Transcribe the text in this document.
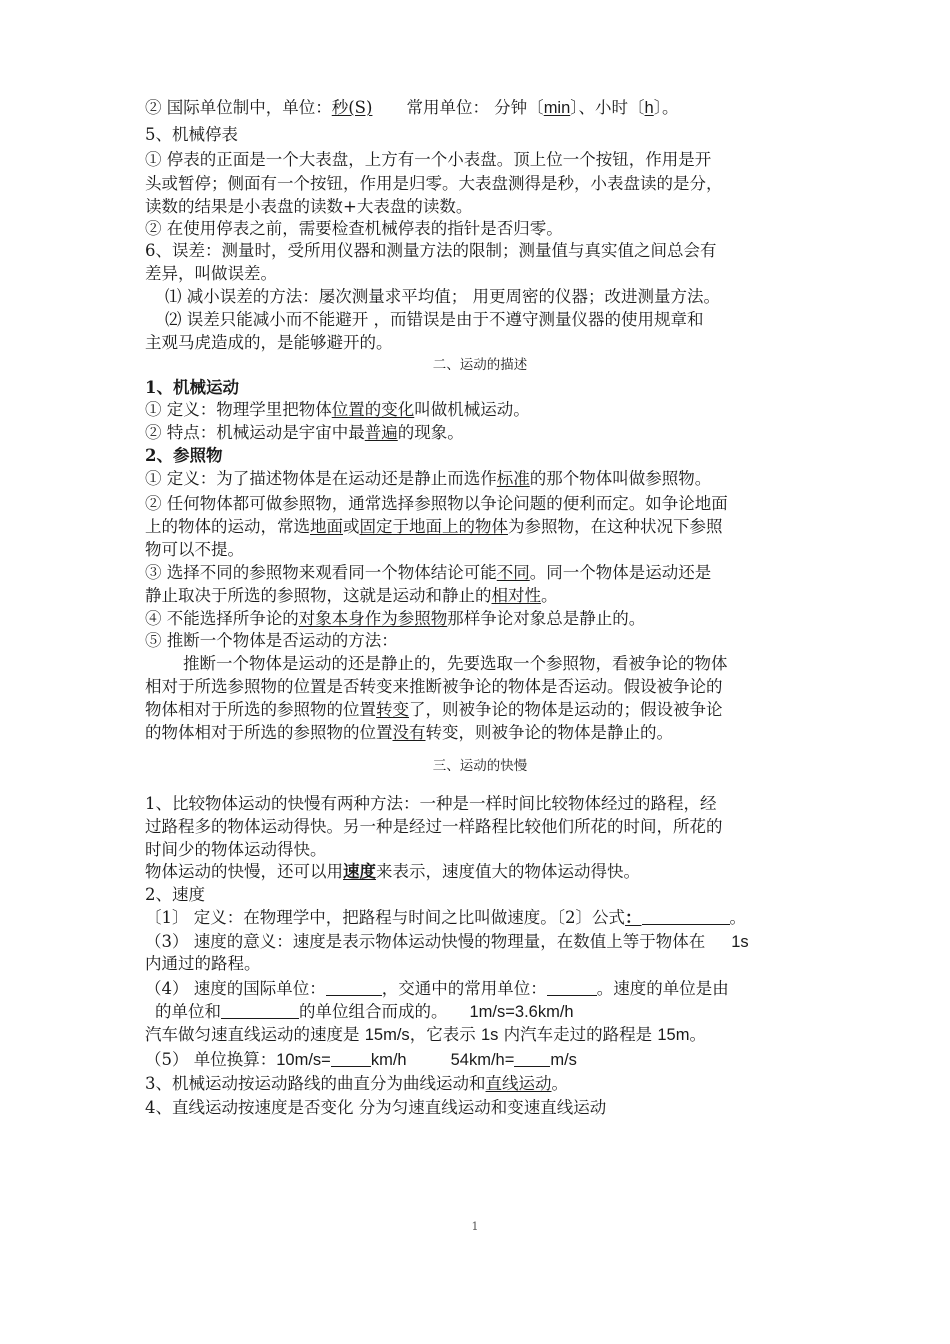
② 国际单位制中，单位：秒(S) 常用单位： 分钟〔min〕、小时〔h〕。
5、机械停表
① 停表的正面是一个大表盘，上方有一个小表盘。顶上位一个按钮，作用是开
头或暂停；侧面有一个按钮，作用是归零。大表盘测得是秒，小表盘读的是分，
读数的结果是小表盘的读数+大表盘的读数。
② 在使用停表之前，需要检查机械停表的指针是否归零。
6、误差：测量时，受所用仪器和测量方法的限制；测量值与真实值之间总会有
差异，叫做误差。
⑴ 减小误差的方法：屡次测量求平均值； 用更周密的仪器；改进测量方法。
⑵ 误差只能减小而不能避开 ，而错误是由于不遵守测量仪器的使用规章和
主观马虎造成的，是能够避开的。
二、运动的描述
1、机械运动
① 定义：物理学里把物体位置的变化叫做机械运动。
② 特点：机械运动是宇宙中最普遍的现象。
2、参照物
① 定义：为了描述物体是在运动还是静止而选作标准的那个物体叫做参照物。
② 任何物体都可做参照物，通常选择参照物以争论问题的便利而定。如争论地面
上的物体的运动，常选地面或固定于地面上的物体为参照物，在这种状况下参照
物可以不提。
③ 选择不同的参照物来观看同一个物体结论可能不同。同一个物体是运动还是
静止取决于所选的参照物，这就是运动和静止的相对性。
④ 不能选择所争论的对象本身作为参照物那样争论对象总是静止的。
⑤ 推断一个物体是否运动的方法：
推断一个物体是运动的还是静止的，先要选取一个参照物，看被争论的物体
相对于所选参照物的位置是否转变来推断被争论的物体是否运动。假设被争论的
物体相对于所选的参照物的位置转变了，则被争论的物体是运动的；假设被争论
的物体相对于所选的参照物的位置没有转变，则被争论的物体是静止的。
三、运动的快慢
1、比较物体运动的快慢有两种方法：一种是一样时间比较物体经过的路程，经
过路程多的物体运动得快。另一种是经过一样路程比较他们所花的时间，所花的
时间少的物体运动得快。
物体运动的快慢，还可以用速度来表示，速度值大的物体运动得快。
2、速度
〔1〕 定义：在物理学中，把路程与时间之比叫做速度。〔2〕公式：	。
（3） 速度的意义：速度是表示物体运动快慢的物理量，在数值上等于物体在 1s
内通过的路程。
（4） 速度的国际单位：	，交通中的常用单位：	。速度的单位是由
的单位和	的单位组合而成的。 1m/s=3.6km/h
汽车做匀速直线运动的速度是 15m/s，它表示 1s 内汽车走过的路程是 15m。
（5） 单位换算：10m/s= km/h	54km/h= m/s
3、机械运动按运动路线的曲直分为曲线运动和直线运动。
4、直线运动按速度是否变化 分为匀速直线运动和变速直线运动
1
